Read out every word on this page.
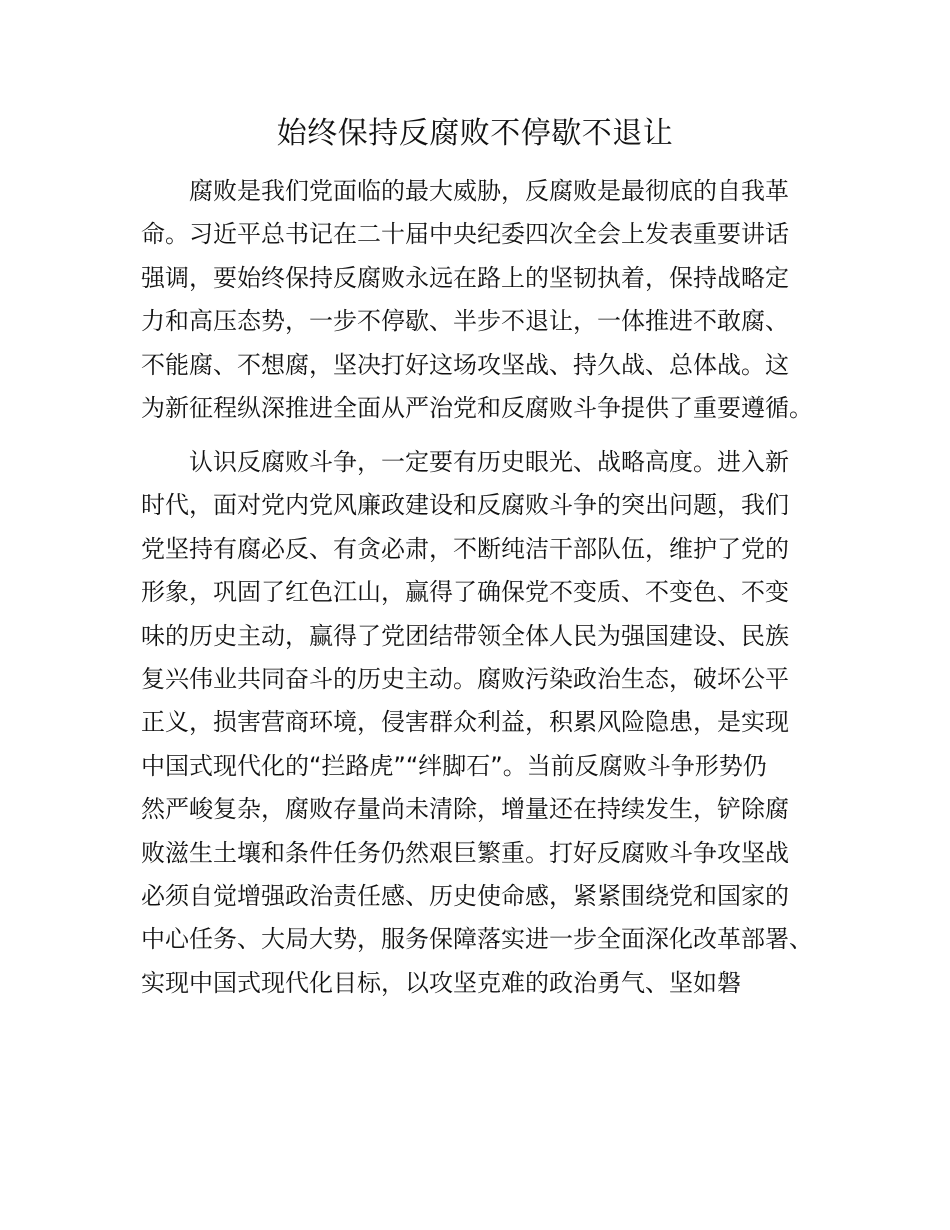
始终保持反腐败不停歇不退让
腐败是我们党面临的最大威胁，反腐败是最彻底的自我革
命。习近平总书记在二十届中央纪委四次全会上发表重要讲话
强调，要始终保持反腐败永远在路上的坚韧执着，保持战略定
力和高压态势，一步不停歇、半步不退让，一体推进不敢腐、
不能腐、不想腐，坚决打好这场攻坚战、持久战、总体战。这
为新征程纵深推进全面从严治党和反腐败斗争提供了重要遵循。
认识反腐败斗争，一定要有历史眼光、战略高度。进入新
时代，面对党内党风廉政建设和反腐败斗争的突出问题，我们
党坚持有腐必反、有贪必肃，不断纯洁干部队伍，维护了党的
形象，巩固了红色江山，赢得了确保党不变质、不变色、不变
味的历史主动，赢得了党团结带领全体人民为强国建设、民族
复兴伟业共同奋斗的历史主动。腐败污染政治生态，破坏公平
正义，损害营商环境，侵害群众利益，积累风险隐患，是实现
中国式现代化的“拦路虎”“绊脚石”。当前反腐败斗争形势仍
然严峻复杂，腐败存量尚未清除，增量还在持续发生，铲除腐
败滋生土壤和条件任务仍然艰巨繁重。打好反腐败斗争攻坚战
必须自觉增强政治责任感、历史使命感，紧紧围绕党和国家的
中心任务、大局大势，服务保障落实进一步全面深化改革部署、
实现中国式现代化目标，以攻坚克难的政治勇气、坚如磐
